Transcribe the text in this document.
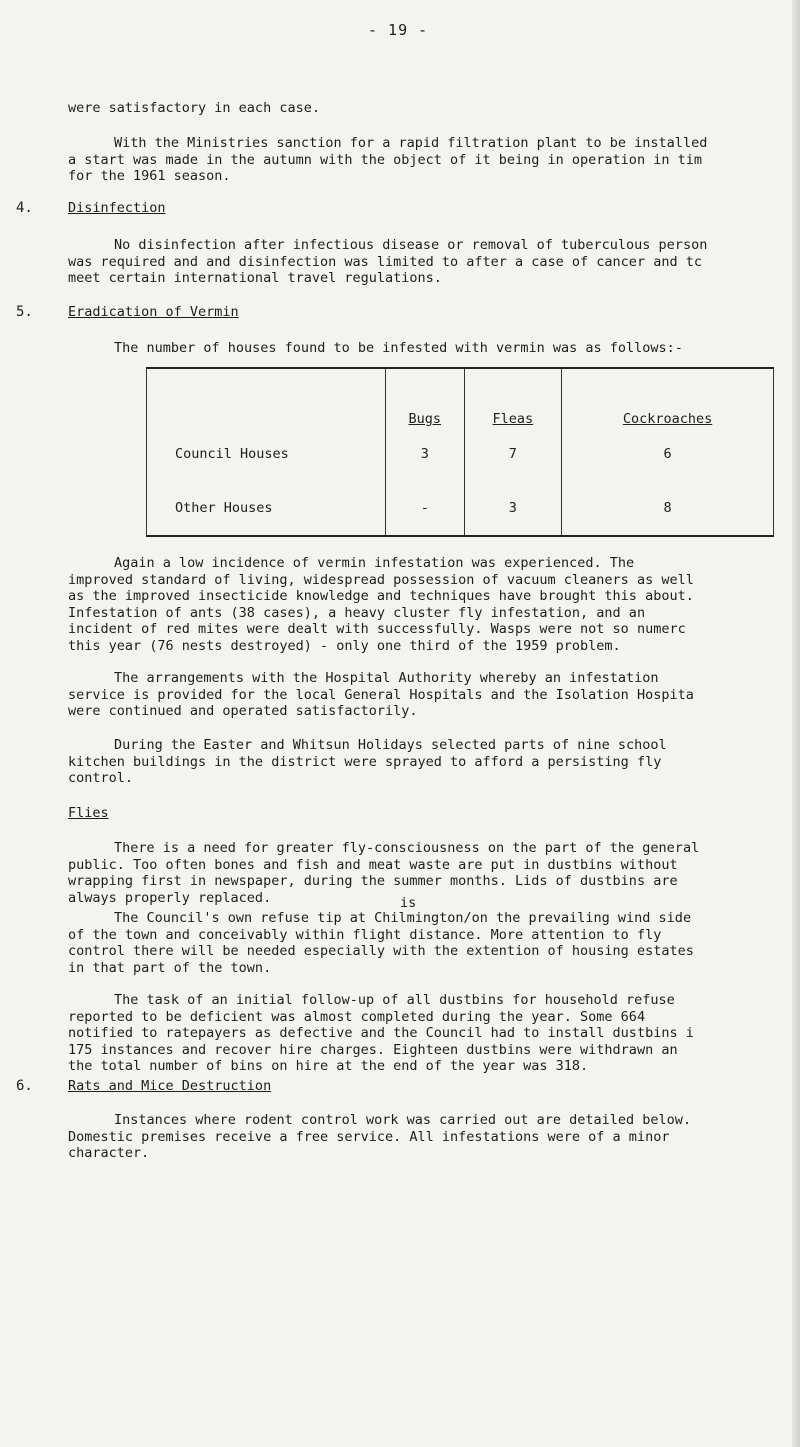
- 19 -
were satisfactory in each case.
With the Ministries sanction for a rapid filtration plant to be installed
a start was made in the autumn with the object of it being in operation in tim
for the 1961 season.
4.	Disinfection
No disinfection after infectious disease or removal of tuberculous person
was required and and disinfection was limited to after a case of cancer and tc
meet certain international travel regulations.
5.	Eradication of Vermin
The number of houses found to be infested with vermin was as follows:-
	Bugs	Fleas	Cockroaches
Council Houses	3	7	6
Other Houses	-	3	8
Again a low incidence of vermin infestation was experienced. The
improved standard of living, widespread possession of vacuum cleaners as well
as the improved insecticide knowledge and techniques have brought this about.
Infestation of ants (38 cases), a heavy cluster fly infestation, and an
incident of red mites were dealt with successfully. Wasps were not so numerc
this year (76 nests destroyed) - only one third of the 1959 problem.
The arrangements with the Hospital Authority whereby an infestation
service is provided for the local General Hospitals and the Isolation Hospita
were continued and operated satisfactorily.
During the Easter and Whitsun Holidays selected parts of nine school
kitchen buildings in the district were sprayed to afford a persisting fly
control.
Flies
There is a need for greater fly-consciousness on the part of the general
public. Too often bones and fish and meat waste are put in dustbins without
wrapping first in newspaper, during the summer months. Lids of dustbins are
always properly replaced.	is
The Council's own refuse tip at Chilmington/on the prevailing wind side
of the town and conceivably within flight distance. More attention to fly
control there will be needed especially with the extention of housing estates
in that part of the town.
The task of an initial follow-up of all dustbins for household refuse
reported to be deficient was almost completed during the year. Some 664
notified to ratepayers as defective and the Council had to install dustbins i
175 instances and recover hire charges. Eighteen dustbins were withdrawn an
the total number of bins on hire at the end of the year was 318.
6.	Rats and Mice Destruction
Instances where rodent control work was carried out are detailed below.
Domestic premises receive a free service. All infestations were of a minor
character.
